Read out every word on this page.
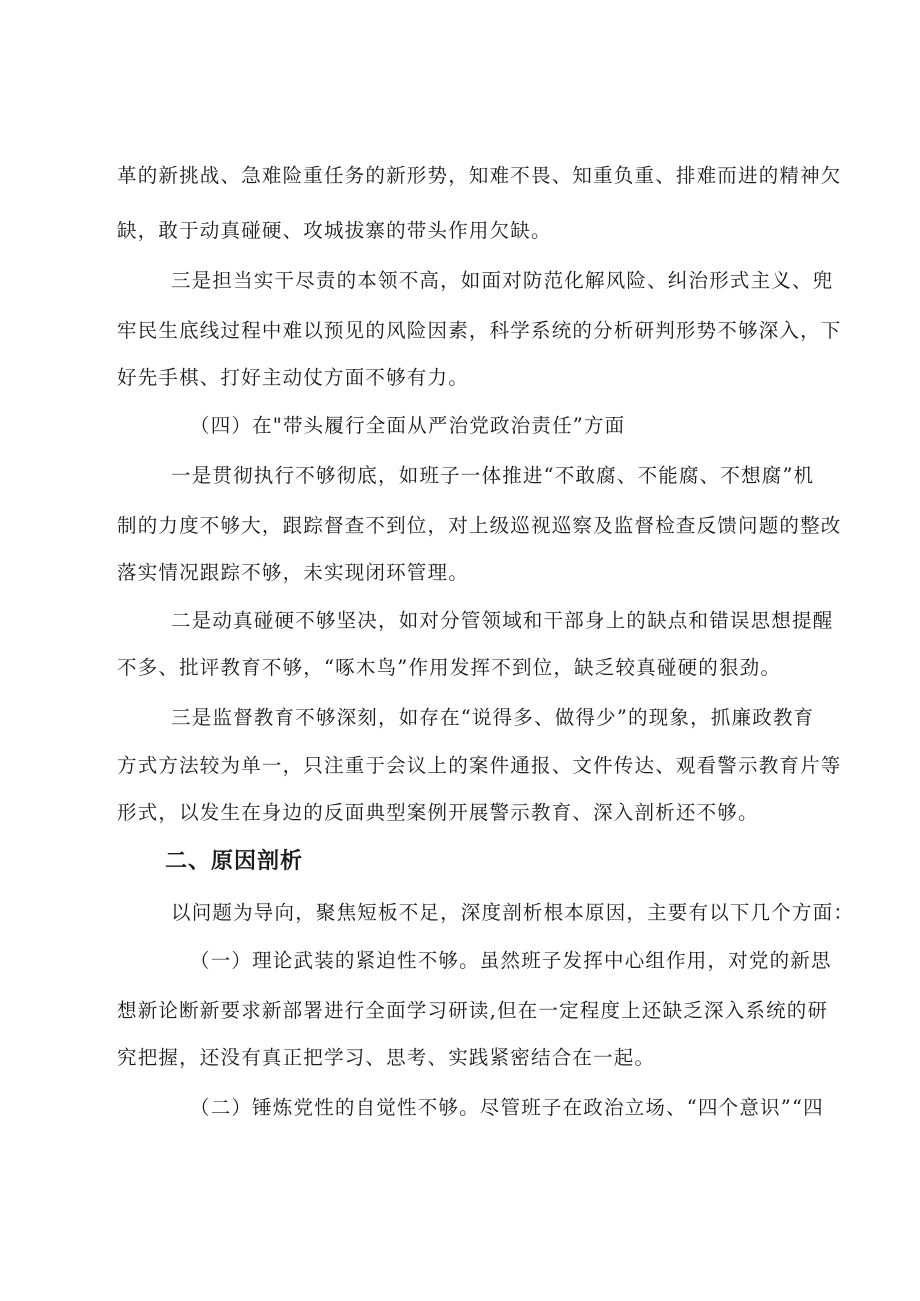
革的新挑战、急难险重任务的新形势，知难不畏、知重负重、排难而进的精神欠
缺，敢于动真碰硬、攻城拔寨的带头作用欠缺。
三是担当实干尽责的本领不高，如面对防范化解风险、纠治形式主义、兜
牢民生底线过程中难以预见的风险因素，科学系统的分析研判形势不够深入，下
好先手棋、打好主动仗方面不够有力。
（四）在"带头履行全面从严治党政治责任”方面
一是贯彻执行不够彻底，如班子一体推进“不敢腐、不能腐、不想腐”机
制的力度不够大，跟踪督查不到位，对上级巡视巡察及监督检查反馈问题的整改
落实情况跟踪不够，未实现闭环管理。
二是动真碰硬不够坚决，如对分管领域和干部身上的缺点和错误思想提醒
不多、批评教育不够，“啄木鸟”作用发挥不到位，缺乏较真碰硬的狠劲。
三是监督教育不够深刻，如存在“说得多、做得少”的现象，抓廉政教育
方式方法较为单一，只注重于会议上的案件通报、文件传达、观看警示教育片等
形式，以发生在身边的反面典型案例开展警示教育、深入剖析还不够。
二、原因剖析
以问题为导向，聚焦短板不足，深度剖析根本原因，主要有以下几个方面：
（一）理论武装的紧迫性不够。虽然班子发挥中心组作用，对党的新思
想新论断新要求新部署进行全面学习研读,但在一定程度上还缺乏深入系统的研
究把握，还没有真正把学习、思考、实践紧密结合在一起。
（二）锤炼党性的自觉性不够。尽管班子在政治立场、“四个意识”“四
